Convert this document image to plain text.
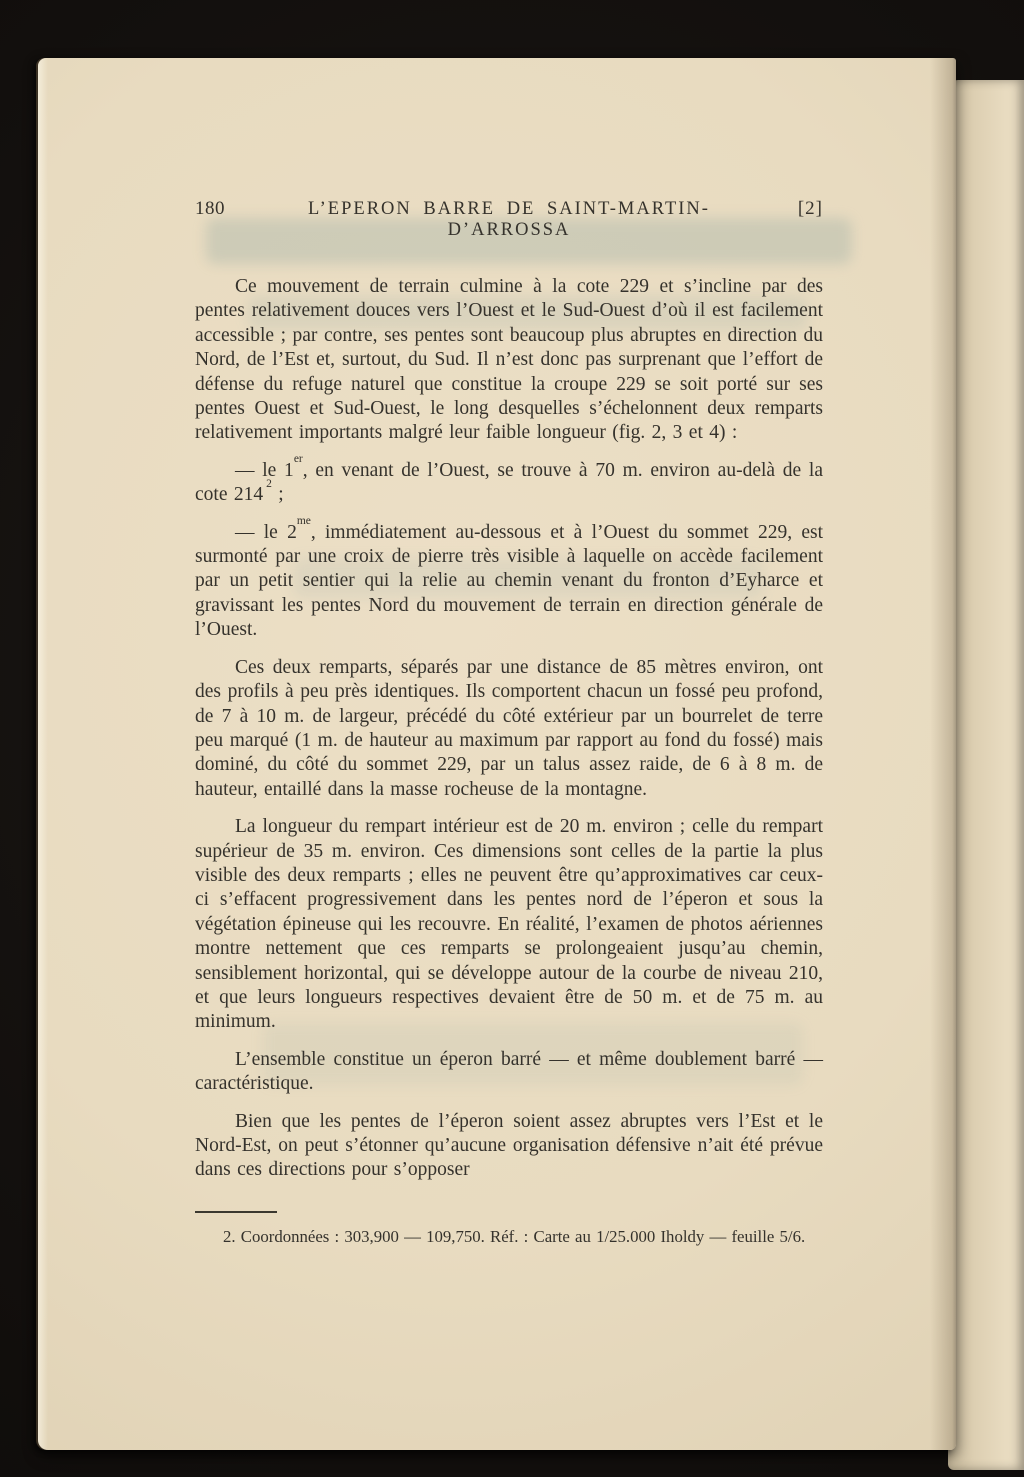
180	L’EPERON BARRE DE SAINT-MARTIN-D’ARROSSA
[2]

Ce mouvement de terrain culmine à la cote 229 et s’incline par des pentes relativement douces vers l’Ouest et le Sud-Ouest d’où il est facilement accessible ; par contre, ses pentes sont beaucoup plus abruptes en direction du Nord, de l’Est et, surtout, du Sud. Il n’est donc pas surprenant que l’effort de défense du refuge naturel que constitue la croupe 229 se soit porté sur ses pentes Ouest et Sud-Ouest, le long desquelles s’échelonnent deux remparts relativement importants malgré leur faible longueur (fig. 2, 3 et 4) :

— le 1er, en venant de l’Ouest, se trouve à 70 m. environ au-delà de la cote $214^2$ ;

— le $2^{me}$, immédiatement au-dessous et à l’Ouest du sommet 229, est surmonté par une croix de pierre très visible à laquelle on accède facilement par un petit sentier qui la relie au chemin venant du fronton d’Eyharce et gravissant les pentes Nord du mouvement de terrain en direction générale de l’Ouest.

Ces deux remparts, séparés par une distance de 85 mètres environ, ont des profils à peu près identiques. Ils comportent chacun un fossé peu profond, de 7 à 10 m. de largeur, précédé du côté extérieur par un bourrelet de terre peu marqué (1 m. de hauteur au maximum par rapport au fond du fossé) mais dominé, du côté du sommet 229, par un talus assez raide, de 6 à 8 m. de hauteur, entaillé dans la masse rocheuse de la montagne.

La longueur du rempart intérieur est de 20 m. environ ; celle du rempart supérieur de 35 m. environ. Ces dimensions sont celles de la partie la plus visible des deux remparts ; elles ne peuvent être qu’approximatives car ceux-ci s’effacent progressivement dans les pentes nord de l’éperon et sous la végétation épineuse qui les recouvre. En réalité, l’examen de photos aériennes montre nettement que ces remparts se prolongeaient jusqu’au chemin, sensiblement horizontal, qui se développe autour de la courbe de niveau 210, et que leurs longueurs respectives devaient être de 50 m. et de 75 m. au minimum.

L’ensemble constitue un éperon barré — et même doublement barré — caractéristique.

Bien que les pentes de l’éperon soient assez abruptes vers l’Est et le Nord-Est, on peut s’étonner qu’aucune organisation défensive n’ait été prévue dans ces directions pour s’opposer

2. Coordonnées : 303,900 — 109,750. Réf. : Carte au 1/25.000 Iholdy — feuille 5/6.
